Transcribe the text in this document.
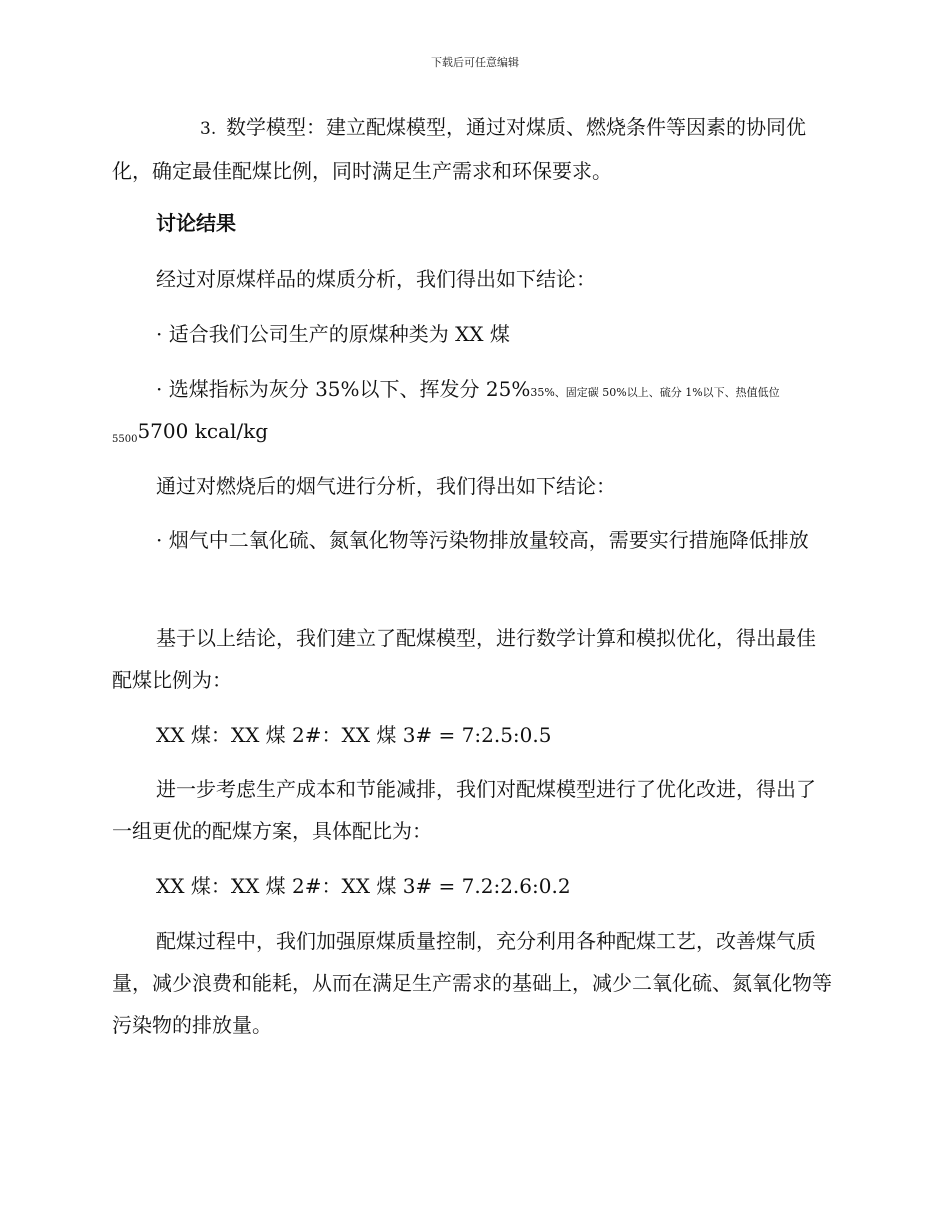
下载后可任意编辑

3. 数学模型：建立配煤模型，通过对煤质、燃烧条件等因素的协同优化，确定最佳配煤比例，同时满足生产需求和环保要求。

讨论结果

经过对原煤样品的煤质分析，我们得出如下结论：

· 适合我们公司生产的原煤种类为 XX 煤

· 选煤指标为灰分 35%以下、挥发分 25%35%、固定碳 50%以上、硫分 1%以下、热值低位

$_{5500}$5700 kcal/kg

通过对燃烧后的烟气进行分析，我们得出如下结论：

· 烟气中二氧化硫、氮氧化物等污染物排放量较高，需要实行措施降低排放

基于以上结论，我们建立了配煤模型，进行数学计算和模拟优化，得出最佳配煤比例为：

XX 煤：XX 煤 2#：XX 煤 3# = 7:2.5:0.5

进一步考虑生产成本和节能减排，我们对配煤模型进行了优化改进，得出了一组更优的配煤方案，具体配比为：

XX 煤：XX 煤 2#：XX 煤 3# = 7.2:2.6:0.2

配煤过程中，我们加强原煤质量控制，充分利用各种配煤工艺，改善煤气质量，减少浪费和能耗，从而在满足生产需求的基础上，减少二氧化硫、氮氧化物等污染物的排放量。
